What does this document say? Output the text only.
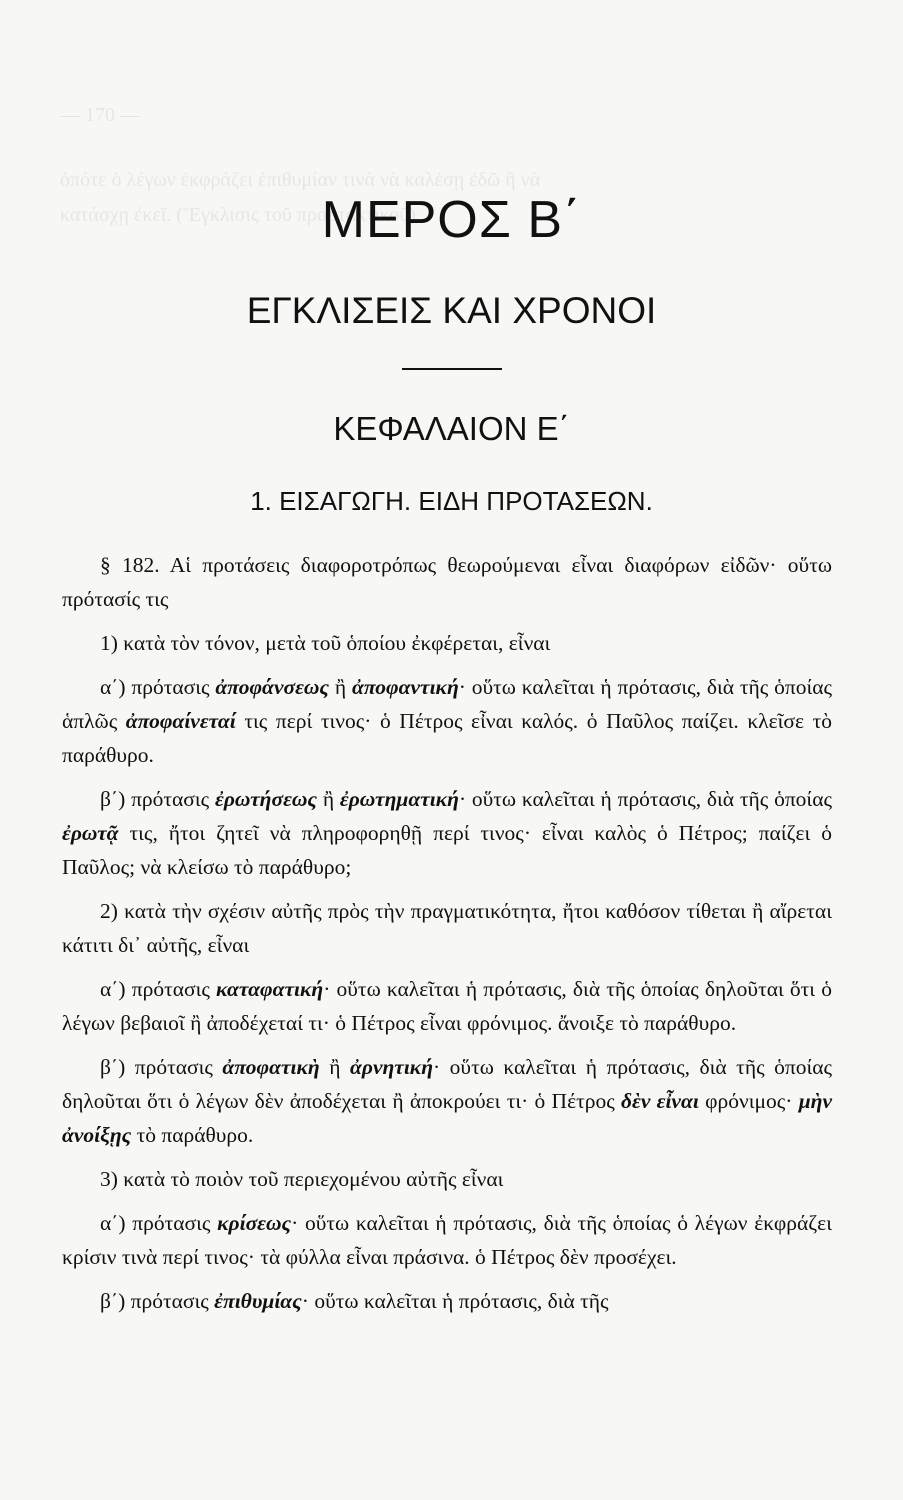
— 170 —
ὁπότε ὁ λέγων ἐκφράζει ἐπιθυμίαν τινὰ νὰ καλέσῃ ἐδῶ ἢ νὰ
κατάσχῃ ἐκεῖ. (Ἔγκλισις τοῦ προστακτικοῦ)
ΜΕΡΟΣ Β΄
ΕΓΚΛΙΣΕΙΣ ΚΑΙ ΧΡΟΝΟΙ
ΚΕΦΑΛΑΙΟΝ Ε΄
1. ΕΙΣΑΓΩΓΗ. ΕΙΔΗ ΠΡΟΤΑΣΕΩΝ.

§ 182. Αἱ προτάσεις διαφοροτρόπως θεωρούμεναι εἶναι διαφόρων εἰδῶν· οὕτω πρότασίς τις

1) κατὰ τὸν τόνον, μετὰ τοῦ ὁποίου ἐκφέρεται, εἶναι

α΄) πρότασις ἀποφάνσεως ἢ ἀποφαντική· οὕτω καλεῖται ἡ πρότασις, διὰ τῆς ὁποίας ἁπλῶς ἀποφαίνεταί τις περί τινος· ὁ Πέτρος εἶναι καλός. ὁ Παῦλος παίζει. κλεῖσε τὸ παράθυρο.

β΄) πρότασις ἐρωτήσεως ἢ ἐρωτηματική· οὕτω καλεῖται ἡ πρότασις, διὰ τῆς ὁποίας ἐρωτᾷ τις, ἤτοι ζητεῖ νὰ πληροφορηθῇ περί τινος· εἶναι καλὸς ὁ Πέτρος; παίζει ὁ Παῦλος; νὰ κλείσω τὸ παράθυρο;

2) κατὰ τὴν σχέσιν αὐτῆς πρὸς τὴν πραγματικότητα, ἤτοι καθόσον τίθεται ἢ αἴρεται κάτιτι δι᾿ αὐτῆς, εἶναι

α΄) πρότασις καταφατική· οὕτω καλεῖται ἡ πρότασις, διὰ τῆς ὁποίας δηλοῦται ὅτι ὁ λέγων βεβαιοῖ ἢ ἀποδέχεταί τι· ὁ Πέτρος εἶναι φρόνιμος. ἄνοιξε τὸ παράθυρο.

β΄) πρότασις ἀποφατικὴ ἢ ἀρνητική· οὕτω καλεῖται ἡ πρότασις, διὰ τῆς ὁποίας δηλοῦται ὅτι ὁ λέγων δὲν ἀποδέχεται ἢ ἀποκρούει τι· ὁ Πέτρος δὲν εἶναι φρόνιμος· μὴν ἀνοίξῃς τὸ παράθυρο.

3) κατὰ τὸ ποιὸν τοῦ περιεχομένου αὐτῆς εἶναι

α΄) πρότασις κρίσεως· οὕτω καλεῖται ἡ πρότασις, διὰ τῆς ὁποίας ὁ λέγων ἐκφράζει κρίσιν τινὰ περί τινος· τὰ φύλλα εἶναι πράσινα. ὁ Πέτρος δὲν προσέχει.

β΄) πρότασις ἐπιθυμίας· οὕτω καλεῖται ἡ πρότασις, διὰ τῆς
